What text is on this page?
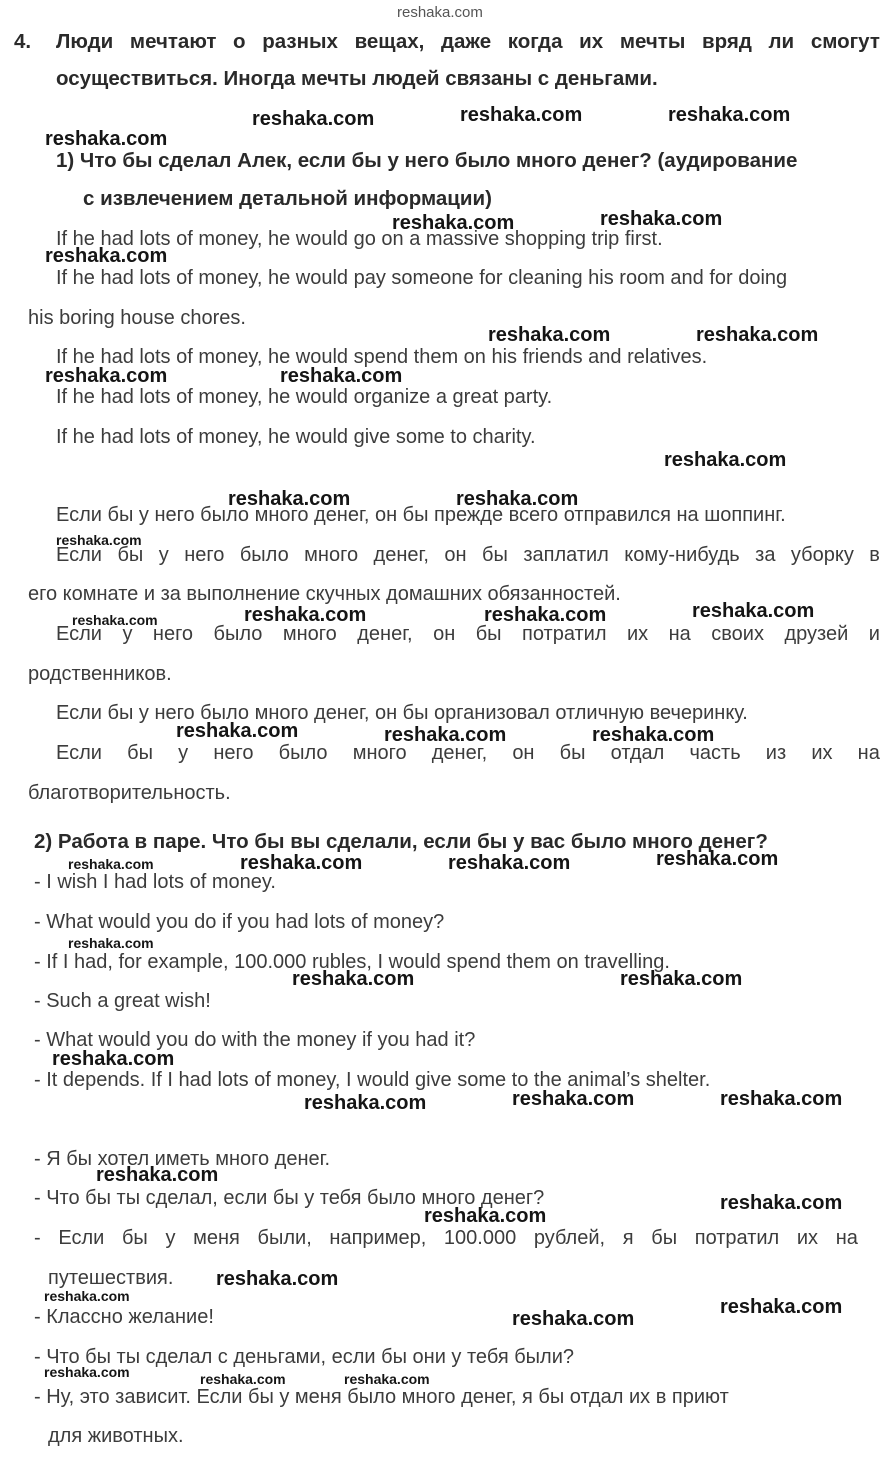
4. Люди мечтают о разных вещах, даже когда их мечты вряд ли смогут
осуществиться. Иногда мечты людей связаны с деньгами.
1) Что бы сделал Алек, если бы у него было много денег? (аудирование
с извлечением детальной информации)
If he had lots of money, he would go on a massive shopping trip first.
If he had lots of money, he would pay someone for cleaning his room and for doing
his boring house chores.
If he had lots of money, he would spend them on his friends and relatives.
If he had lots of money, he would organize a great party.
If he had lots of money, he would give some to charity.
Если бы у него было много денег, он бы прежде всего отправился на шоппинг.
Если бы у него было много денег, он бы заплатил кому-нибудь за уборку в
его комнате и за выполнение скучных домашних обязанностей.
Если у него было много денег, он бы потратил их на своих друзей и
родственников.
Если бы у него было много денег, он бы организовал отличную вечеринку.
Если бы у него было много денег, он бы отдал часть из их на
благотворительность.
2) Работа в паре. Что бы вы сделали, если бы у вас было много денег?
- I wish I had lots of money.
- What would you do if you had lots of money?
- If I had, for example, 100.000 rubles, I would spend them on travelling.
- Such a great wish!
- What would you do with the money if you had it?
- It depends. If I had lots of money, I would give some to the animal’s shelter.
- Я бы хотел иметь много денег.
- Что бы ты сделал, если бы у тебя было много денег?
- Если бы у меня были, например, 100.000 рублей, я бы потратил их на
путешествия.
- Классно желание!
- Что бы ты сделал с деньгами, если бы они у тебя были?
- Ну, это зависит. Если бы у меня было много денег, я бы отдал их в приют
для животных.
reshaka.com
reshaka.com	reshaka.com	reshaka.com
reshaka.com
reshaka.com	reshaka.com
reshaka.com
reshaka.com	reshaka.com
reshaka.com	reshaka.com
reshaka.com
reshaka.com	reshaka.com
reshaka.com
reshaka.com
reshaka.com	reshaka.com	reshaka.com
reshaka.com	reshaka.com	reshaka.com
reshaka.com
reshaka.com	reshaka.com	reshaka.com
reshaka.com
reshaka.com	reshaka.com
reshaka.com
reshaka.com	reshaka.com	reshaka.com
reshaka.com
reshaka.com
reshaka.com
reshaka.com
reshaka.com	reshaka.com
reshaka.com
reshaka.com	reshaka.com	reshaka.com
